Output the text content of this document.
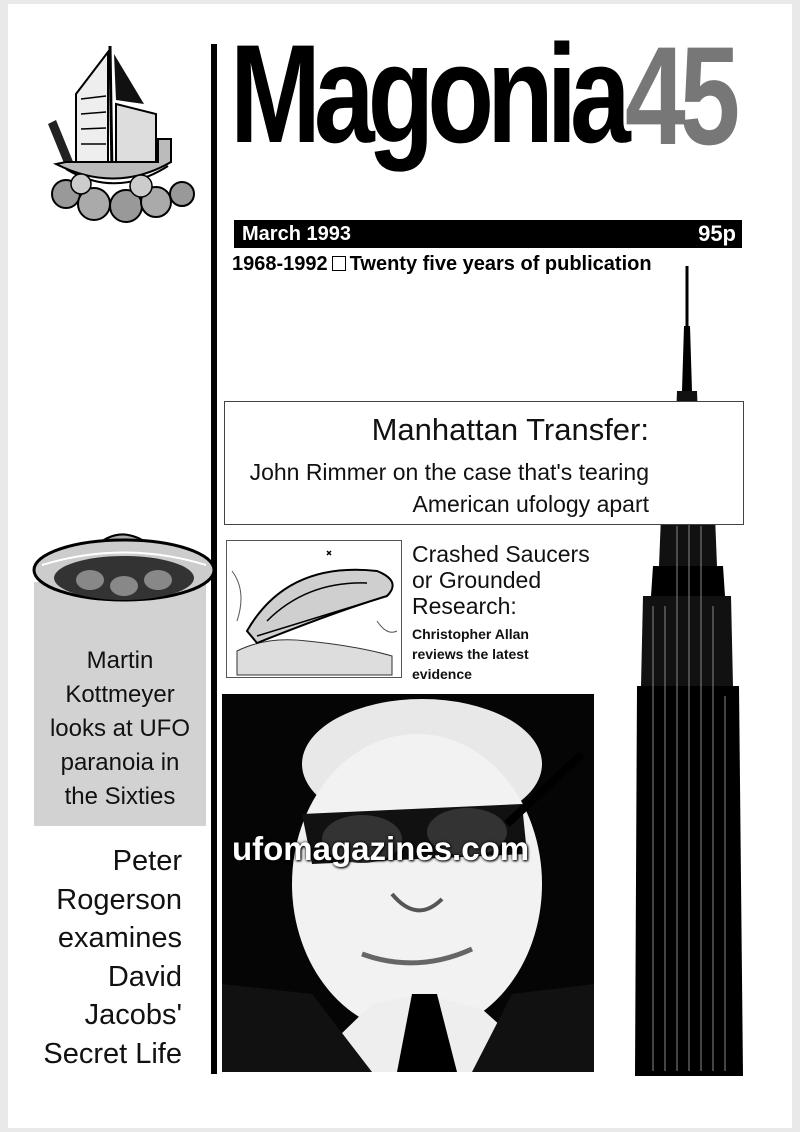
Magonia 45
March 1993	95p
1968-1992 Twenty five years of publication
Manhattan Transfer:
John Rimmer on the case that's tearing American ufology apart
Crashed Saucers
or Grounded
Research:
Christopher Allan
reviews the latest
evidence
ufomagazines.com
Martin
Kottmeyer
looks at UFO
paranoia in
the Sixties
Peter
Rogerson
examines
David
Jacobs'
Secret Life
